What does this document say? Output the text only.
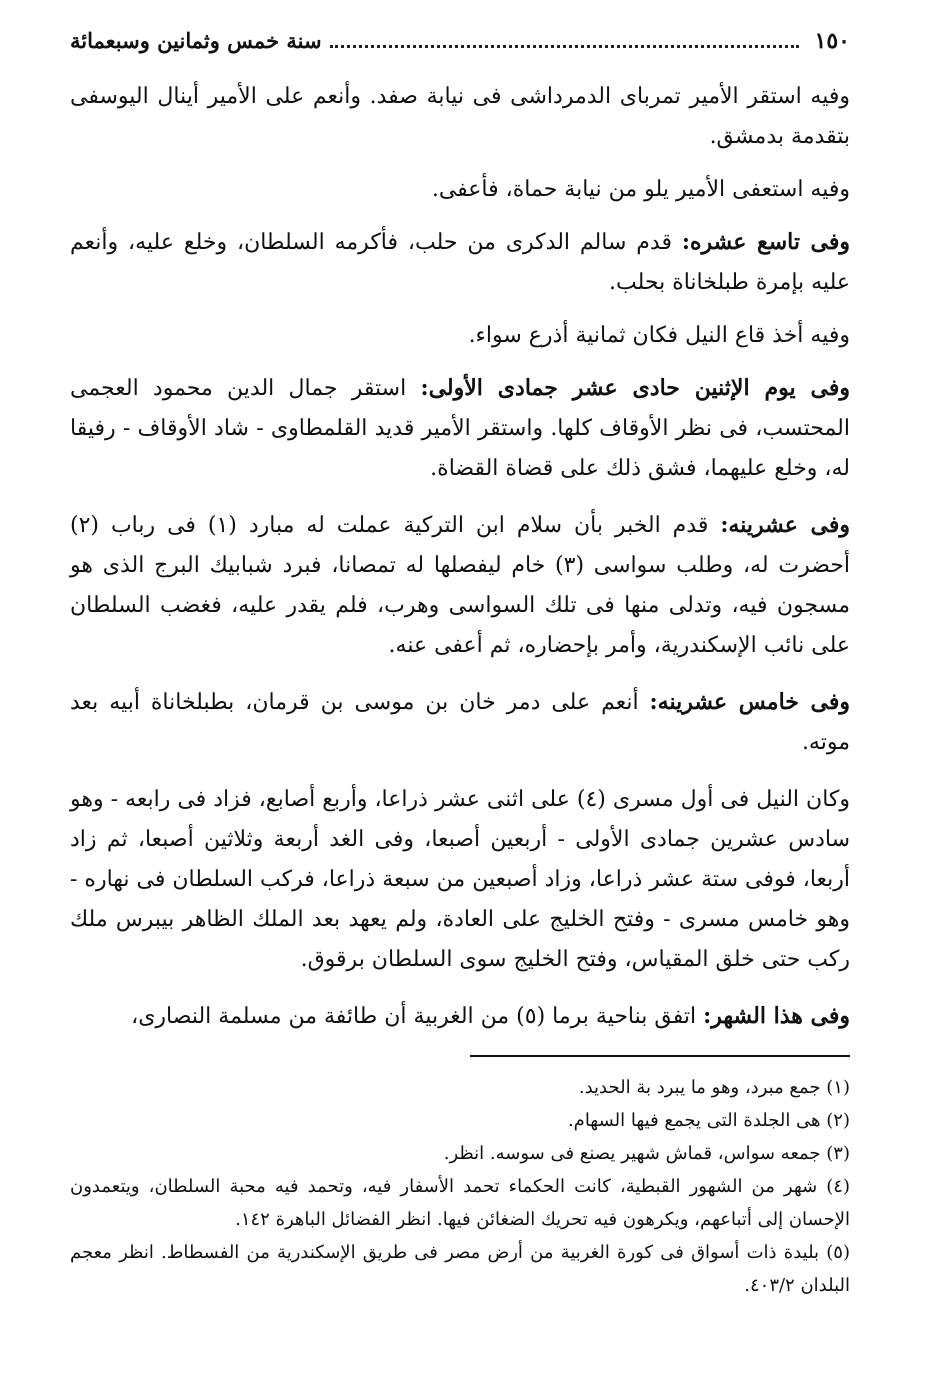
١٥٠
سنة خمس وثمانين وسبعمائة

وفيه استقر الأمير تمرباى الدمرداشى فى نيابة صفد. وأنعم على الأمير أينال اليوسفى بتقدمة بدمشق.

وفيه استعفى الأمير يلو من نيابة حماة، فأعفى.

وفى تاسع عشره: قدم سالم الدكرى من حلب، فأكرمه السلطان، وخلع عليه، وأنعم عليه بإمرة طبلخاناة بحلب.

وفيه أخذ قاع النيل فكان ثمانية أذرع سواء.

وفى يوم الإثنين حادى عشر جمادى الأولى: استقر جمال الدين محمود العجمى المحتسب، فى نظر الأوقاف كلها. واستقر الأمير قديد القلمطاوى - شاد الأوقاف - رفيقا له، وخلع عليهما، فشق ذلك على قضاة القضاة.

وفى عشرينه: قدم الخبر بأن سلام ابن التركية عملت له مبارد (١) فى رباب (٢) أحضرت له، وطلب سواسى (٣) خام ليفصلها له تمصانا، فبرد شبابيك البرج الذى هو مسجون فيه، وتدلى منها فى تلك السواسى وهرب، فلم يقدر عليه، فغضب السلطان على نائب الإسكندرية، وأمر بإحضاره، ثم أعفى عنه.

وفى خامس عشرينه: أنعم على دمر خان بن موسى بن قرمان، بطبلخاناة أبيه بعد موته.

وكان النيل فى أول مسرى (٤) على اثنى عشر ذراعا، وأربع أصابع، فزاد فى رابعه - وهو سادس عشرين جمادى الأولى - أربعين أصبعا، وفى الغد أربعة وثلاثين أصبعا، ثم زاد أربعا، فوفى ستة عشر ذراعا، وزاد أصبعين من سبعة ذراعا، فركب السلطان فى نهاره - وهو خامس مسرى - وفتح الخليج على العادة، ولم يعهد بعد الملك الظاهر بيبرس ملك ركب حتى خلق المقياس، وفتح الخليج سوى السلطان برقوق.

وفى هذا الشهر: اتفق بناحية برما (٥) من الغربية أن طائفة من مسلمة النصارى،

(١) جمع مبرد، وهو ما يبرد بة الحديد.

(٢) هى الجلدة التى يجمع فيها السهام.

(٣) جمعه سواس، قماش شهير يصنع فى سوسه. انظر.

(٤) شهر من الشهور القبطية، كانت الحكماء تحمد الأسفار فيه، وتحمد فيه محبة السلطان، ويتعمدون الإحسان إلى أتباعهم، ويكرهون فيه تحريك الضغائن فيها. انظر الفضائل الباهرة ١٤٢.

(٥) بليدة ذات أسواق فى كورة الغربية من أرض مصر فى طريق الإسكندرية من الفسطاط. انظر معجم البلدان ٤٠٣/٢.
